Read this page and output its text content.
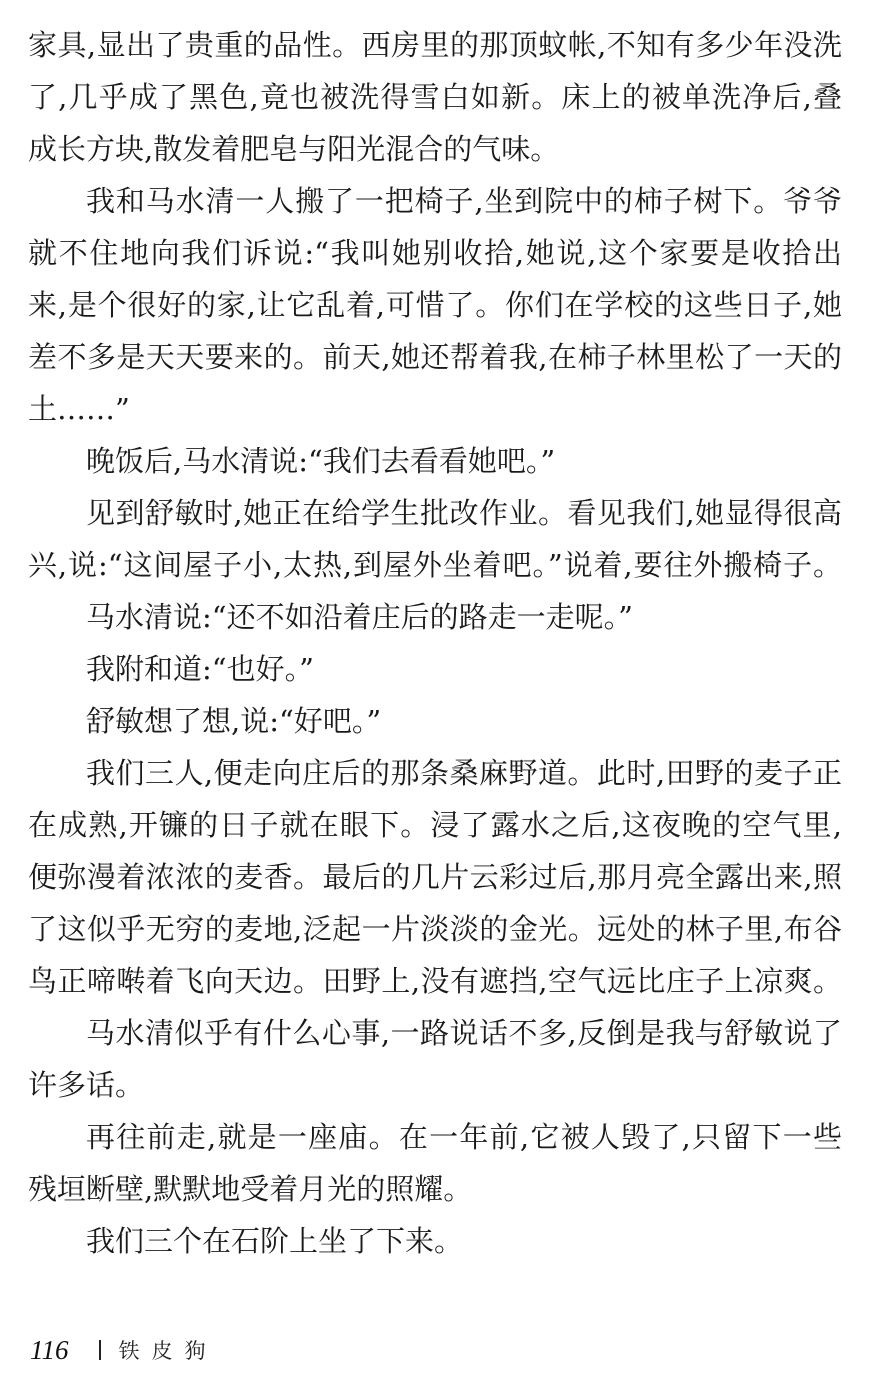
家具,显出了贵重的品性。西房里的那顶蚊帐,不知有多少年没洗
了,几乎成了黑色,竟也被洗得雪白如新。床上的被单洗净后,叠
成长方块,散发着肥皂与阳光混合的气味。
我和马水清一人搬了一把椅子,坐到院中的柿子树下。爷爷
就不住地向我们诉说:“我叫她别收拾,她说,这个家要是收拾出
来,是个很好的家,让它乱着,可惜了。你们在学校的这些日子,她
差不多是天天要来的。前天,她还帮着我,在柿子林里松了一天的
土……”
晚饭后,马水清说:“我们去看看她吧。”
见到舒敏时,她正在给学生批改作业。看见我们,她显得很高
兴,说:“这间屋子小,太热,到屋外坐着吧。”说着,要往外搬椅子。
马水清说:“还不如沿着庄后的路走一走呢。”
我附和道:“也好。”
舒敏想了想,说:“好吧。”
我们三人,便走向庄后的那条桑麻野道。此时,田野的麦子正
在成熟,开镰的日子就在眼下。浸了露水之后,这夜晚的空气里,
便弥漫着浓浓的麦香。最后的几片云彩过后,那月亮全露出来,照
了这似乎无穷的麦地,泛起一片淡淡的金光。远处的林子里,布谷
鸟正啼啭着飞向天边。田野上,没有遮挡,空气远比庄子上凉爽。
马水清似乎有什么心事,一路说话不多,反倒是我与舒敏说了
许多话。
再往前走,就是一座庙。在一年前,它被人毁了,只留下一些
残垣断壁,默默地受着月光的照耀。
我们三个在石阶上坐了下来。
116 铁皮狗
